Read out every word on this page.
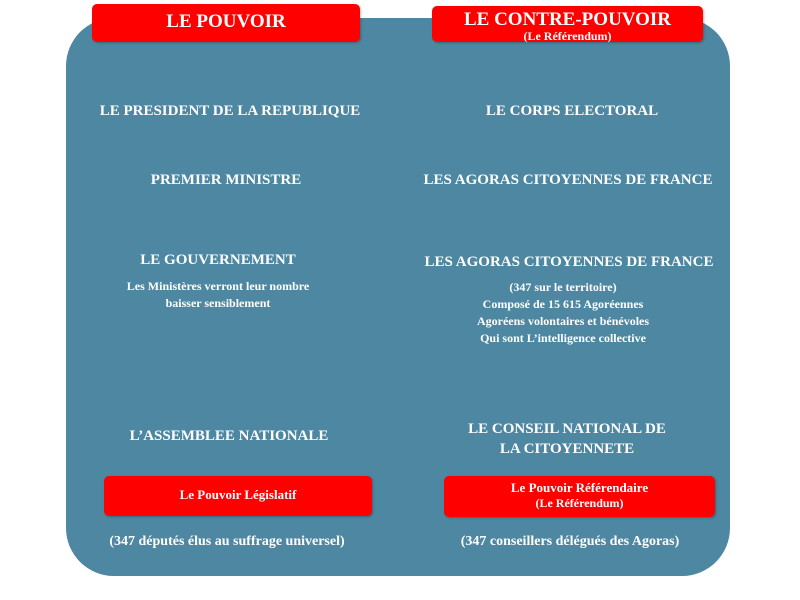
LE POUVOIR	LE CONTRE-POUVOIR
(Le Référendum)
LE PRESIDENT DE LA REPUBLIQUE
PREMIER MINISTRE
LE GOUVERNEMENT
Les Ministères verront leur nombre
baisser sensiblement
L’ASSEMBLEE NATIONALE
Le Pouvoir Législatif
(347 députés élus au suffrage universel)
LE CORPS ELECTORAL
LES AGORAS CITOYENNES DE FRANCE
LES AGORAS CITOYENNES DE FRANCE
(347 sur le territoire)
Composé de 15 615 Agoréennes
Agoréens volontaires et bénévoles
Qui sont L’intelligence collective
LE CONSEIL NATIONAL DE
LA CITOYENNETE
Le Pouvoir Référendaire
(Le Référendum)
(347 conseillers délégués des Agoras)
